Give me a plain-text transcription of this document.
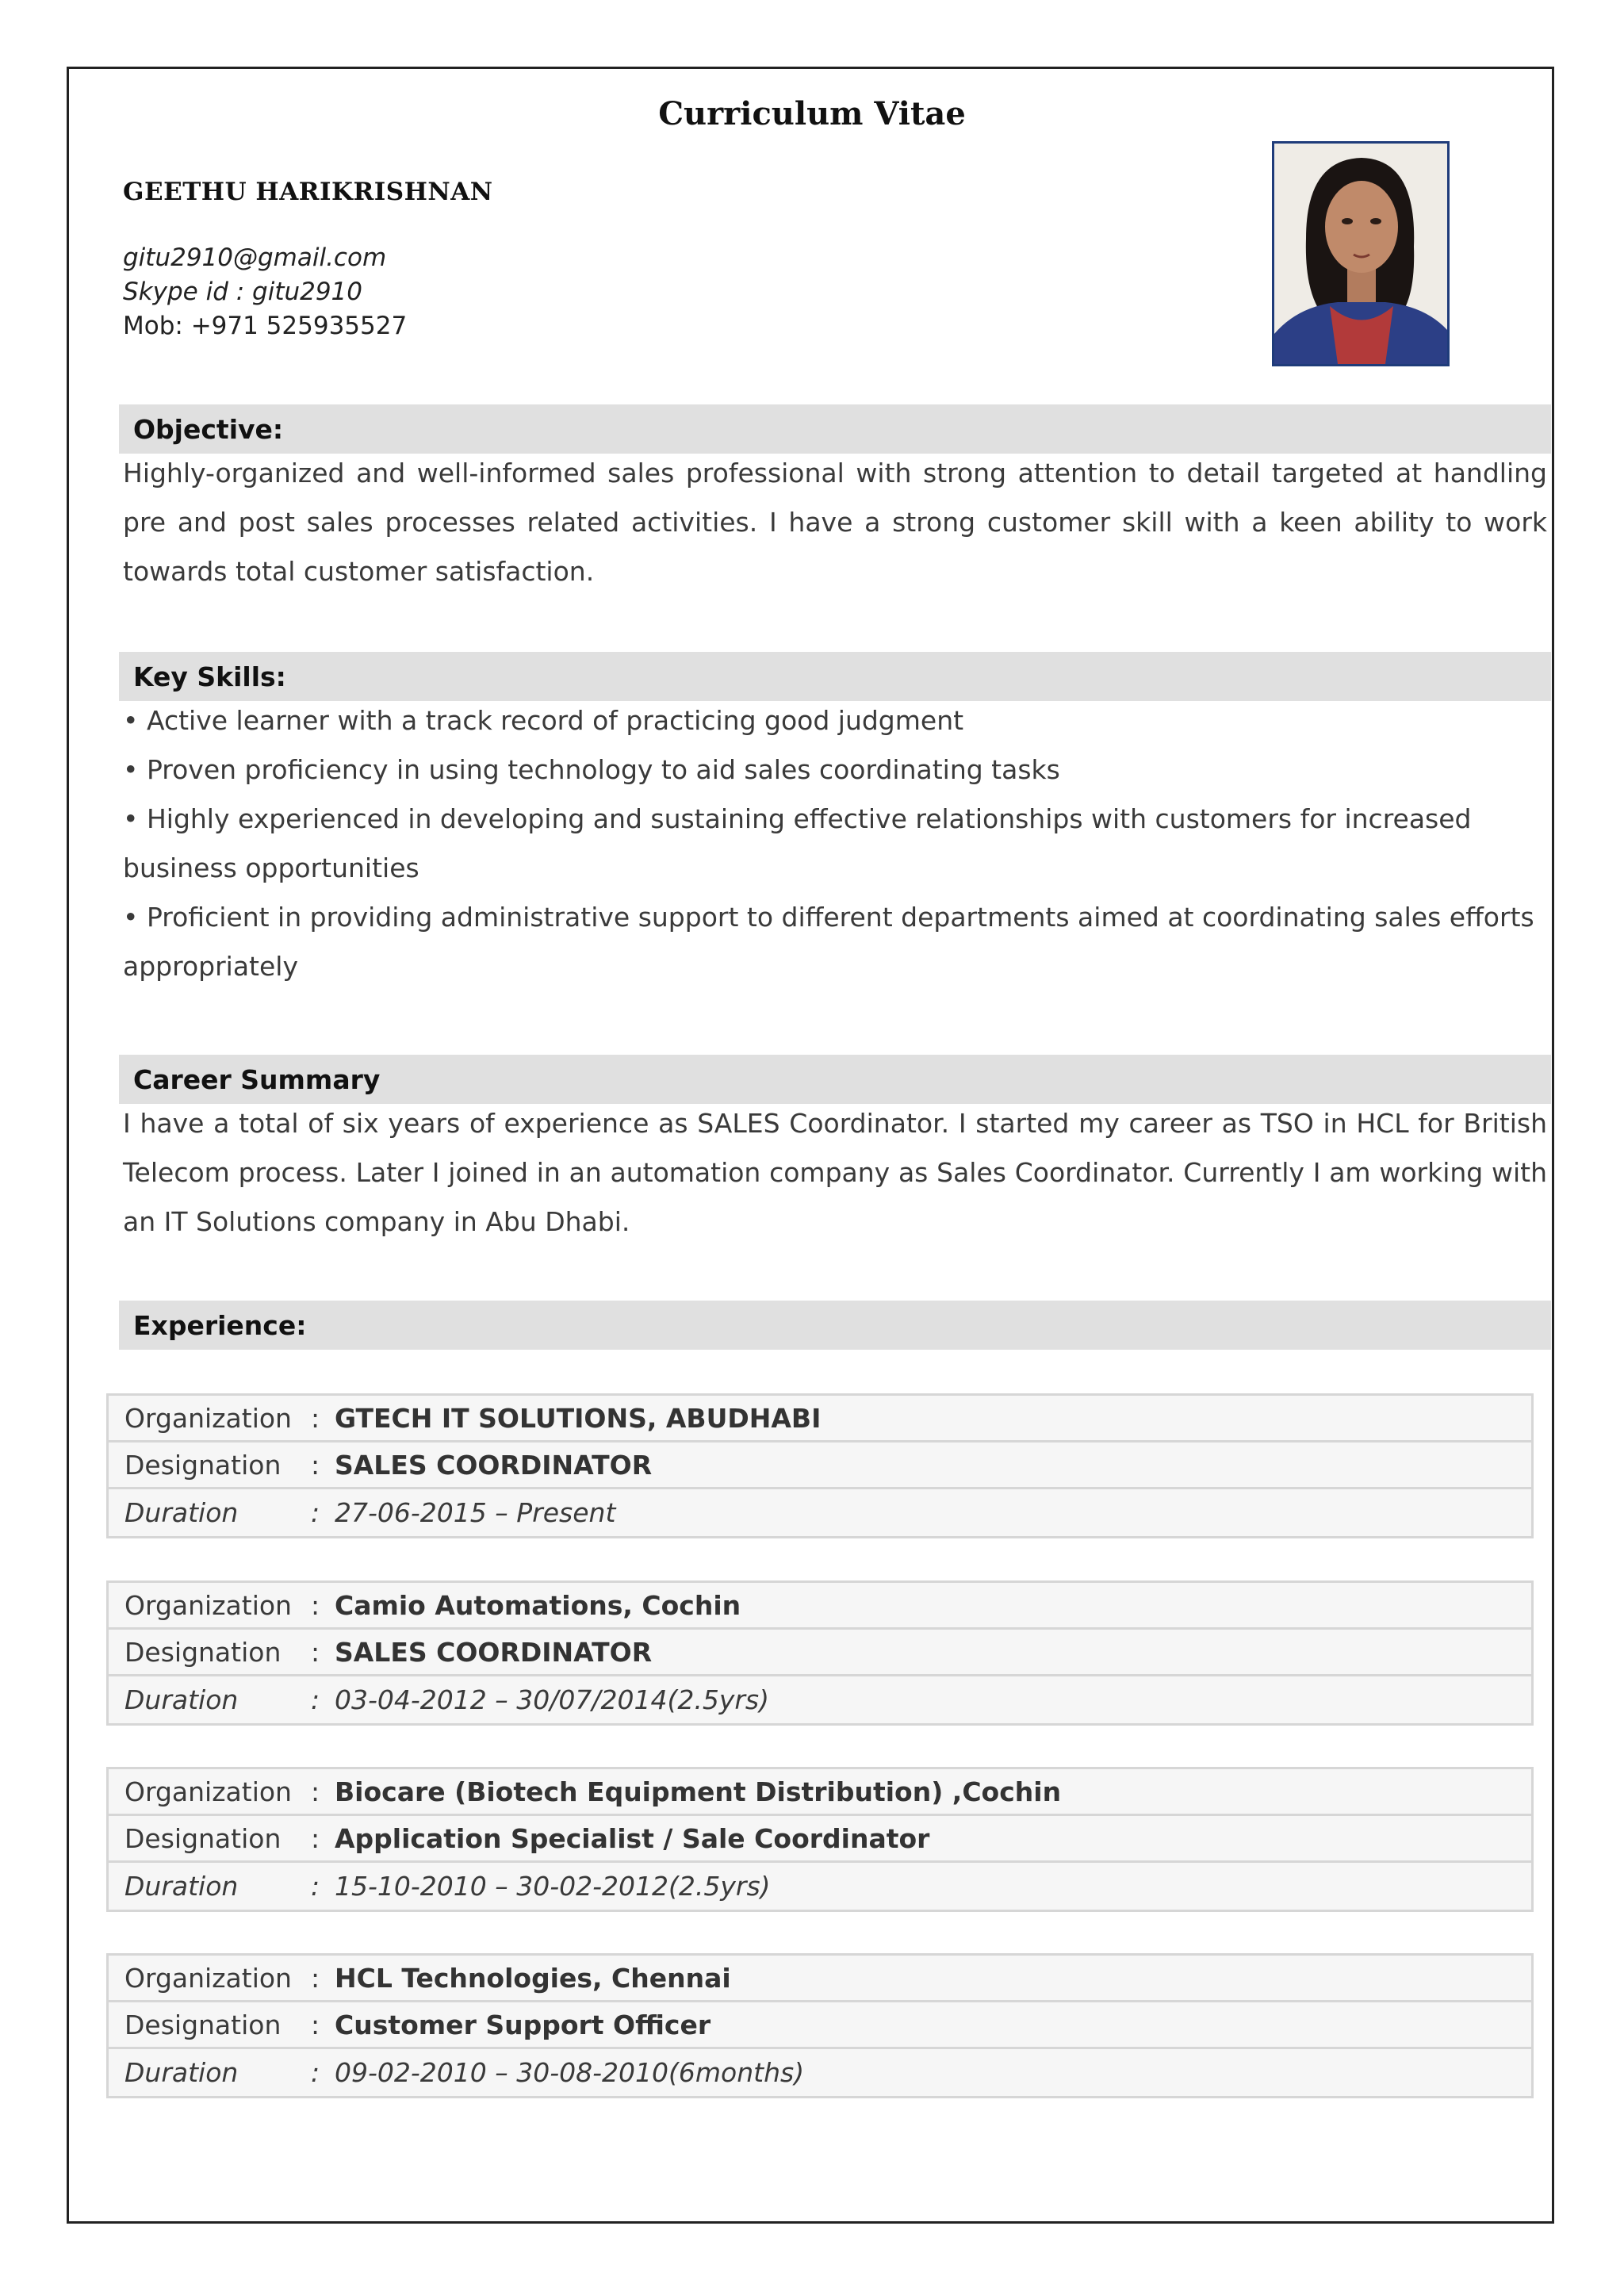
Curriculum Vitae
GEETHU HARIKRISHNAN
gitu2910@gmail.com
Skype id : gitu2910
Mob: +971 525935527
Objective:
Highly-organized and well-informed sales professional with strong attention to detail targeted at handling pre and post sales processes related activities. I have a strong customer skill with a keen ability to work towards total customer satisfaction.
Key Skills:
• Active learner with a track record of practicing good judgment
• Proven proficiency in using technology to aid sales coordinating tasks
• Highly experienced in developing and sustaining effective relationships with customers for increased business opportunities
• Proficient in providing administrative support to different departments aimed at coordinating sales efforts appropriately
Career Summary
I have a total of six years of experience as SALES Coordinator. I started my career as TSO in HCL for British Telecom process. Later I joined in an automation company as Sales Coordinator. Currently I am working with an IT Solutions company in Abu Dhabi.
Experience:
Organization : GTECH IT SOLUTIONS, ABUDHABI
Designation	: SALES COORDINATOR
Duration	: 27-06-2015 – Present
Organization : Camio Automations, Cochin
Designation	: SALES COORDINATOR
Duration	: 03-04-2012 – 30/07/2014(2.5yrs)
Organization : Biocare (Biotech Equipment Distribution) ,Cochin
Designation	: Application Specialist / Sale Coordinator
Duration	: 15-10-2010 – 30-02-2012(2.5yrs)
Organization : HCL Technologies, Chennai
Designation	: Customer Support Officer
Duration	: 09-02-2010 – 30-08-2010(6months)
